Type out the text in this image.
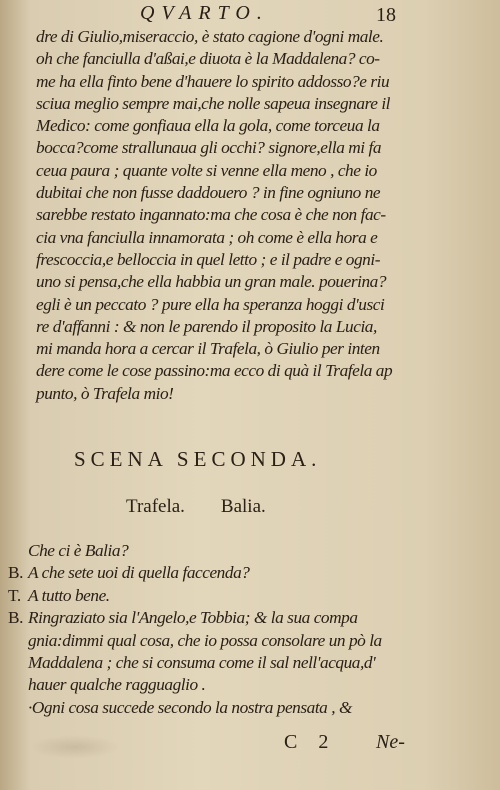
QVARTO.	18
dre di Giulio,miseraccio, è stato cagione d'ogni male.
oh che fanciulla d'aßai,e diuota è la Maddalena? co-
me ha ella finto bene d'hauere lo spirito addosso?e riu
sciua meglio sempre mai,che nolle sapeua insegnare il
Medico: come gonfiaua ella la gola, come torceua la
bocca?come strallunaua gli occhi? signore,ella mi fa
ceua paura ; quante volte si venne ella meno , che io
dubitai che non fusse daddouero ? in fine ogniuno ne
sarebbe restato ingannato:ma che cosa è che non fac-
cia vna fanciulla innamorata ; oh come è ella hora e
frescoccia,e belloccia in quel letto ; e il padre e ogni-
uno si pensa,che ella habbia un gran male. pouerina?
egli è un peccato ? pure ella ha speranza hoggi d'usci
re d'affanni : & non le parendo il proposito la Lucia,
mi manda hora a cercar il Trafela, ò Giulio per inten
dere come le cose passino:ma ecco di quà il Trafela ap
punto, ò Trafela mio!
SCENA SECONDA.
Trafela. Balia.
Che ci è Balia?
B. A che sete uoi di quella faccenda?
T. A tutto bene.
B. Ringraziato sia l'Angelo,e Tobbia; & la sua compa
gnia:dimmi qual cosa, che io possa consolare un pò la
Maddalena ; che si consuma come il sal nell'acqua,d'
hauer qualche ragguaglio .
·Ogni cosa succede secondo la nostra pensata , &
C 2 Ne-
